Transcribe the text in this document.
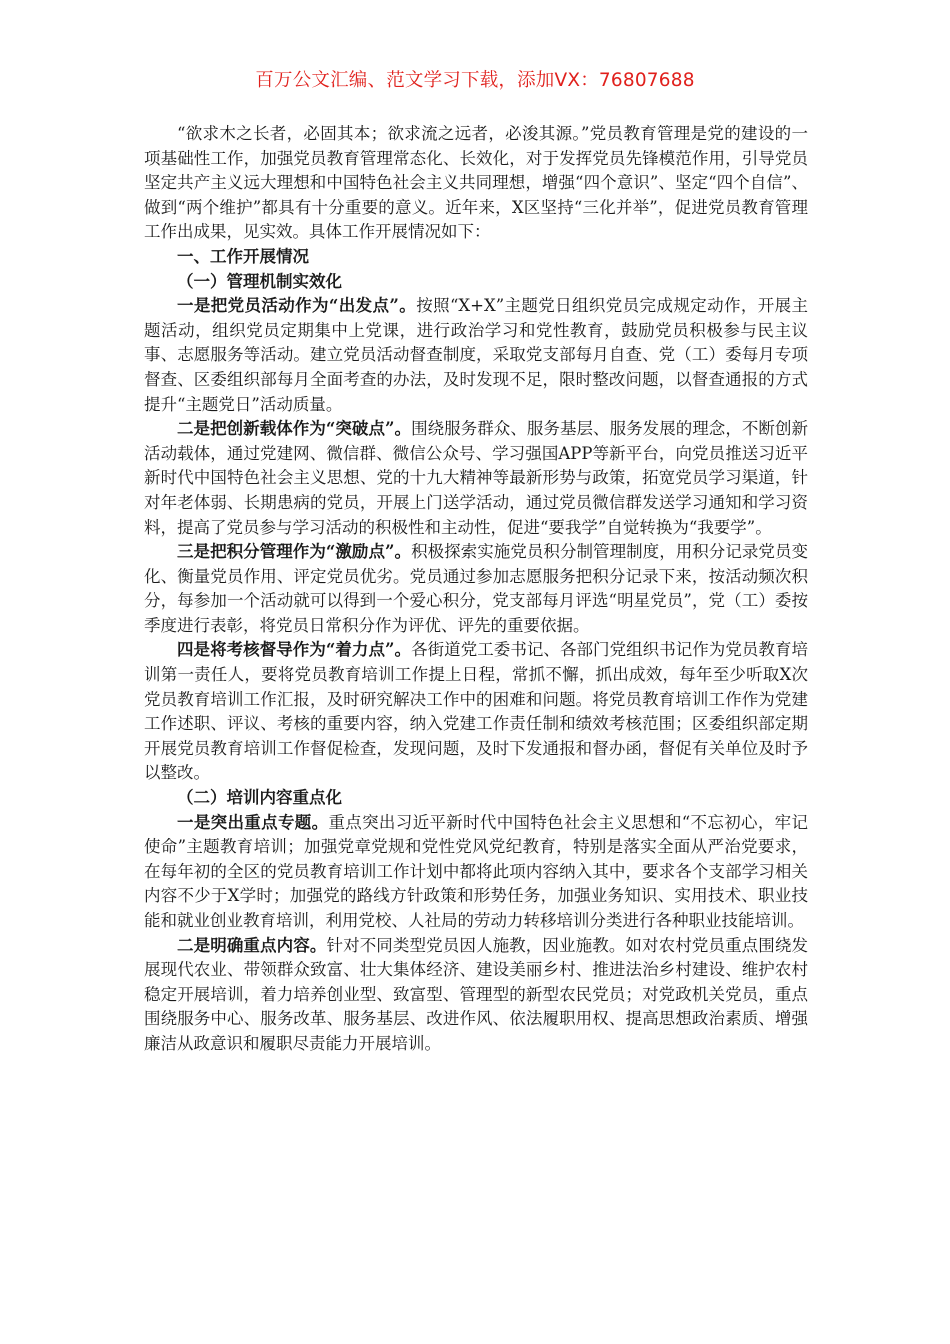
百万公文汇编、范文学习下载，添加VX：76807688

“欲求木之长者，必固其本；欲求流之远者，必浚其源。”党员教育管理是党的建设的一项基础性工作，加强党员教育管理常态化、长效化，对于发挥党员先锋模范作用，引导党员坚定共产主义远大理想和中国特色社会主义共同理想，增强“四个意识”、坚定“四个自信”、做到“两个维护”都具有十分重要的意义。近年来，X区坚持“三化并举”，促进党员教育管理工作出成果，见实效。具体工作开展情况如下：

一、工作开展情况

（一）管理机制实效化

一是把党员活动作为“出发点”。按照“X+X”主题党日组织党员完成规定动作，开展主题活动，组织党员定期集中上党课，进行政治学习和党性教育，鼓励党员积极参与民主议事、志愿服务等活动。建立党员活动督查制度，采取党支部每月自查、党（工）委每月专项督查、区委组织部每月全面考查的办法，及时发现不足，限时整改问题，以督查通报的方式提升“主题党日”活动质量。

二是把创新载体作为“突破点”。围绕服务群众、服务基层、服务发展的理念，不断创新活动载体，通过党建网、微信群、微信公众号、学习强国APP等新平台，向党员推送习近平新时代中国特色社会主义思想、党的十九大精神等最新形势与政策，拓宽党员学习渠道，针对年老体弱、长期患病的党员，开展上门送学活动，通过党员微信群发送学习通知和学习资料，提高了党员参与学习活动的积极性和主动性，促进“要我学”自觉转换为“我要学”。

三是把积分管理作为“激励点”。积极探索实施党员积分制管理制度，用积分记录党员变化、衡量党员作用、评定党员优劣。党员通过参加志愿服务把积分记录下来，按活动频次积分，每参加一个活动就可以得到一个爱心积分，党支部每月评选“明星党员”，党（工）委按季度进行表彰，将党员日常积分作为评优、评先的重要依据。

四是将考核督导作为“着力点”。各街道党工委书记、各部门党组织书记作为党员教育培训第一责任人，要将党员教育培训工作提上日程，常抓不懈，抓出成效，每年至少听取X次党员教育培训工作汇报，及时研究解决工作中的困难和问题。将党员教育培训工作作为党建工作述职、评议、考核的重要内容，纳入党建工作责任制和绩效考核范围；区委组织部定期开展党员教育培训工作督促检查，发现问题，及时下发通报和督办函，督促有关单位及时予以整改。

（二）培训内容重点化

一是突出重点专题。重点突出习近平新时代中国特色社会主义思想和“不忘初心，牢记使命”主题教育培训；加强党章党规和党性党风党纪教育，特别是落实全面从严治党要求，在每年初的全区的党员教育培训工作计划中都将此项内容纳入其中，要求各个支部学习相关内容不少于X学时；加强党的路线方针政策和形势任务，加强业务知识、实用技术、职业技能和就业创业教育培训，利用党校、人社局的劳动力转移培训分类进行各种职业技能培训。

二是明确重点内容。针对不同类型党员因人施教，因业施教。如对农村党员重点围绕发展现代农业、带领群众致富、壮大集体经济、建设美丽乡村、推进法治乡村建设、维护农村稳定开展培训，着力培养创业型、致富型、管理型的新型农民党员；对党政机关党员，重点围绕服务中心、服务改革、服务基层、改进作风、依法履职用权、提高思想政治素质、增强廉洁从政意识和履职尽责能力开展培训。
